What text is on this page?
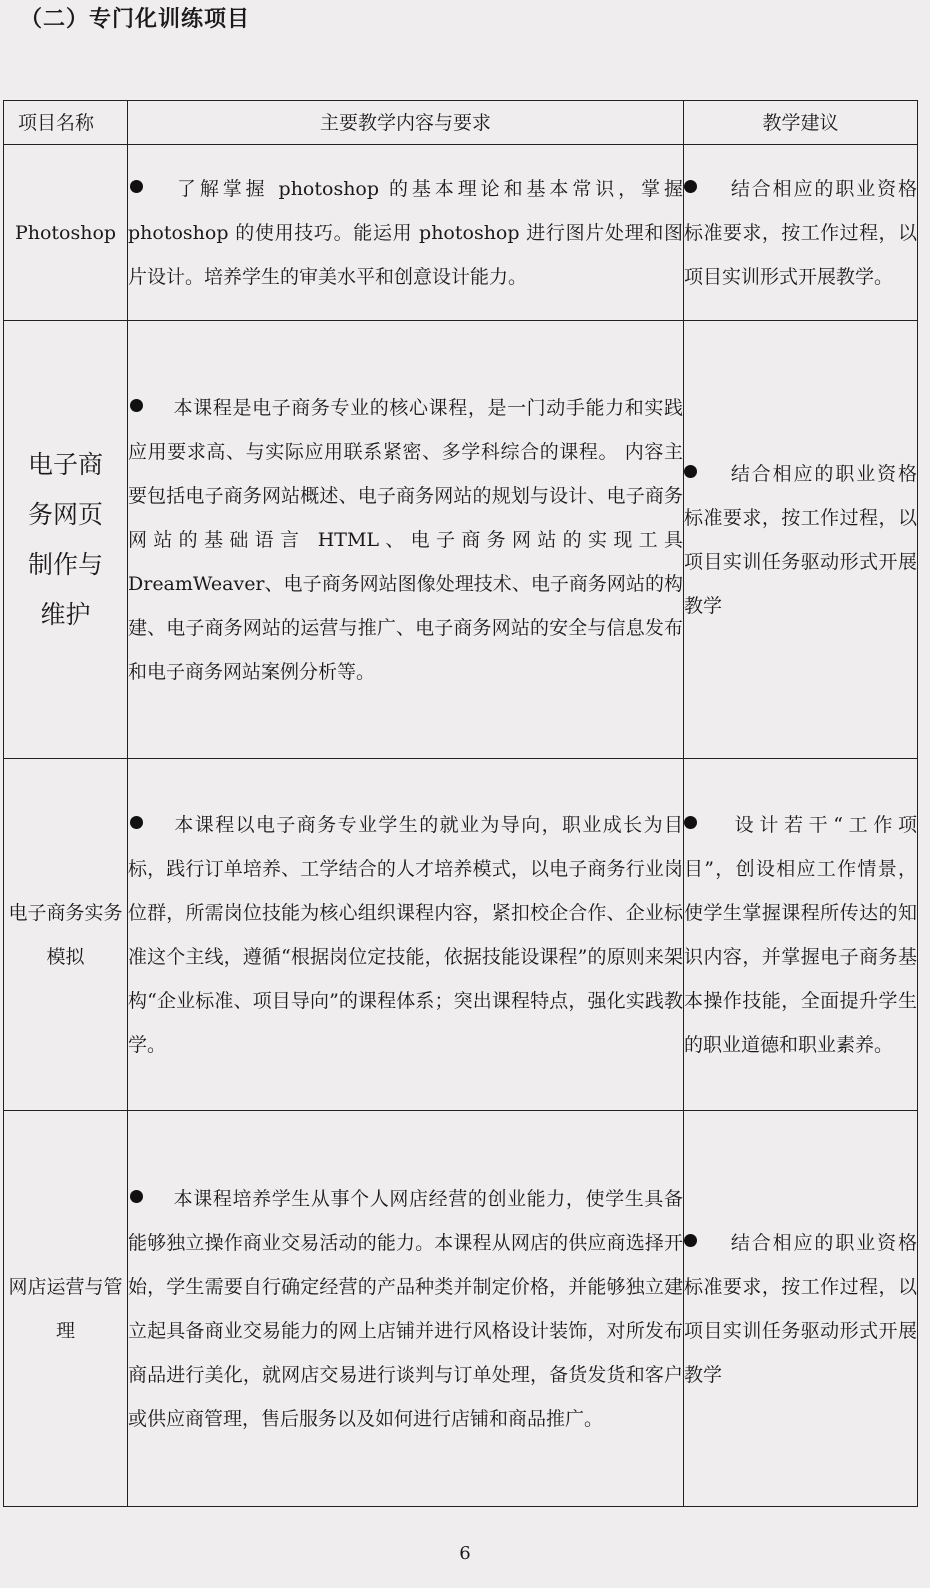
（二）专门化训练项目
项目名称	主要教学内容与要求	教学建议
Photoshop	了解掌握 photoshop 的基本理论和基本常识，掌握 photoshop 的使用技巧。能运用 photoshop 进行图片处理和图片设计。培养学生的审美水平和创意设计能力。	结合相应的职业资格标准要求，按工作过程，以项目实训形式开展教学。
电子商务网页制作与维护	本课程是电子商务专业的核心课程，是一门动手能力和实践应用要求高、与实际应用联系紧密、多学科综合的课程。 内容主要包括电子商务网站概述、电子商务网站的规划与设计、电子商务网站的基础语言 HTML、电子商务网站的实现工具 DreamWeaver、电子商务网站图像处理技术、电子商务网站的构建、电子商务网站的运营与推广、电子商务网站的安全与信息发布和电子商务网站案例分析等。	结合相应的职业资格标准要求，按工作过程，以项目实训任务驱动形式开展教学
电子商务实务模拟	本课程以电子商务专业学生的就业为导向，职业成长为目标，践行订单培养、工学结合的人才培养模式，以电子商务行业岗位群，所需岗位技能为核心组织课程内容，紧扣校企合作、企业标准这个主线，遵循“根据岗位定技能，依据技能设课程”的原则来架构“企业标准、项目导向”的课程体系；突出课程特点，强化实践教学。	设计若干“工作项目”，创设相应工作情景，使学生掌握课程所传达的知识内容，并掌握电子商务基本操作技能，全面提升学生的职业道德和职业素养。
网店运营与管理	本课程培养学生从事个人网店经营的创业能力，使学生具备能够独立操作商业交易活动的能力。本课程从网店的供应商选择开始，学生需要自行确定经营的产品种类并制定价格，并能够独立建立起具备商业交易能力的网上店铺并进行风格设计装饰，对所发布商品进行美化，就网店交易进行谈判与订单处理，备货发货和客户或供应商管理，售后服务以及如何进行店铺和商品推广。	结合相应的职业资格标准要求，按工作过程，以项目实训任务驱动形式开展教学
6
